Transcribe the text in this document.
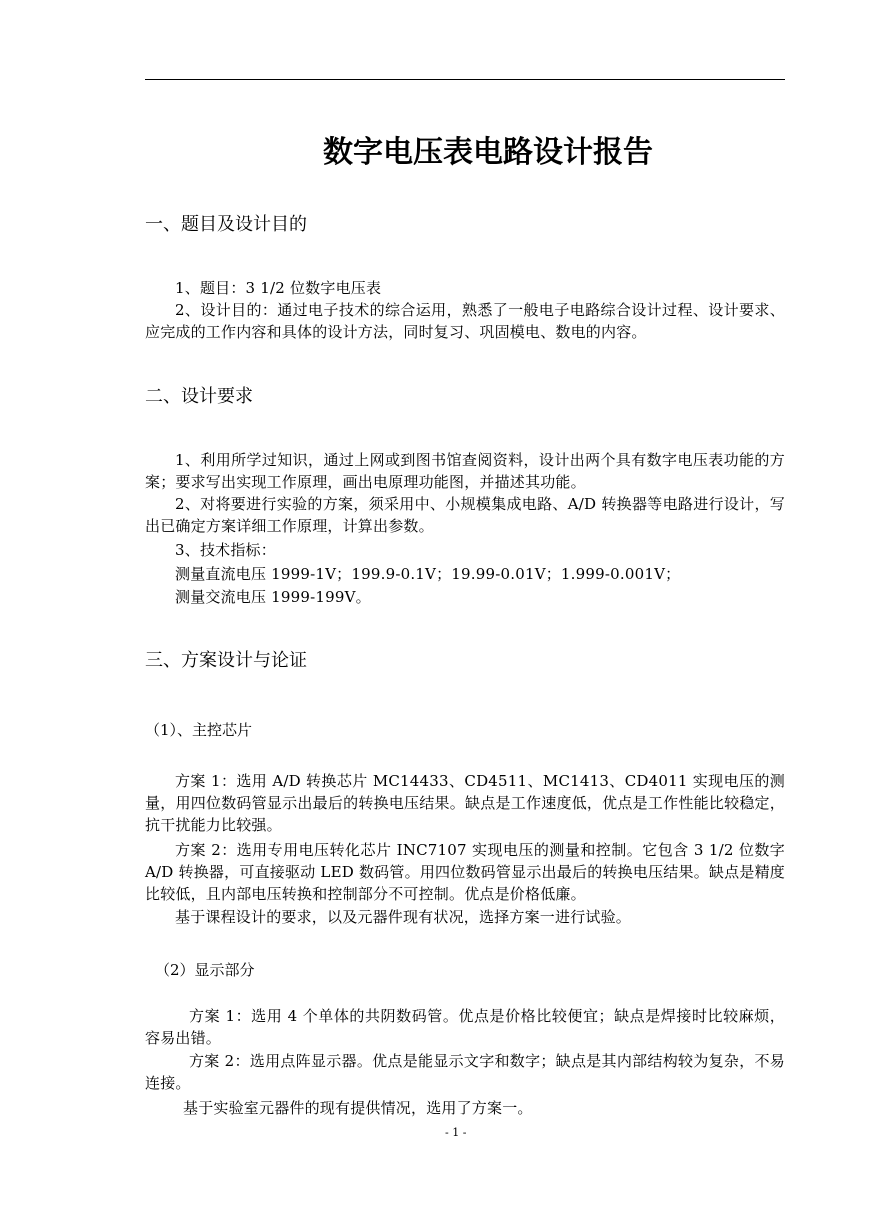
数字电压表电路设计报告
一、题目及设计目的

1、题目：3 1/2 位数字电压表

2、设计目的：通过电子技术的综合运用，熟悉了一般电子电路综合设计过程、设计要求、应完成的工作内容和具体的设计方法，同时复习、巩固模电、数电的内容。

二、设计要求

1、利用所学过知识，通过上网或到图书馆查阅资料，设计出两个具有数字电压表功能的方案；要求写出实现工作原理，画出电原理功能图，并描述其功能。

2、对将要进行实验的方案，须采用中、小规模集成电路、A/D 转换器等电路进行设计，写出已确定方案详细工作原理，计算出参数。

3、技术指标：

测量直流电压 1999-1V；199.9-0.1V；19.99-0.01V；1.999-0.001V；

测量交流电压 1999-199V。

三、方案设计与论证
（1）、主控芯片

方案 1：选用 A/D 转换芯片 MC14433、CD4511、MC1413、CD4011 实现电压的测量，用四位数码管显示出最后的转换电压结果。缺点是工作速度低，优点是工作性能比较稳定，抗干扰能力比较强。

方案 2：选用专用电压转化芯片 INC7107 实现电压的测量和控制。它包含 3 1/2 位数字 A/D 转换器，可直接驱动 LED 数码管。用四位数码管显示出最后的转换电压结果。缺点是精度比较低，且内部电压转换和控制部分不可控制。优点是价格低廉。

基于课程设计的要求，以及元器件现有状况，选择方案一进行试验。

（2）显示部分

方案 1：选用 4 个单体的共阴数码管。优点是价格比较便宜；缺点是焊接时比较麻烦，容易出错。

方案 2：选用点阵显示器。优点是能显示文字和数字；缺点是其内部结构较为复杂，不易连接。

基于实验室元器件的现有提供情况，选用了方案一。

- 1 -
